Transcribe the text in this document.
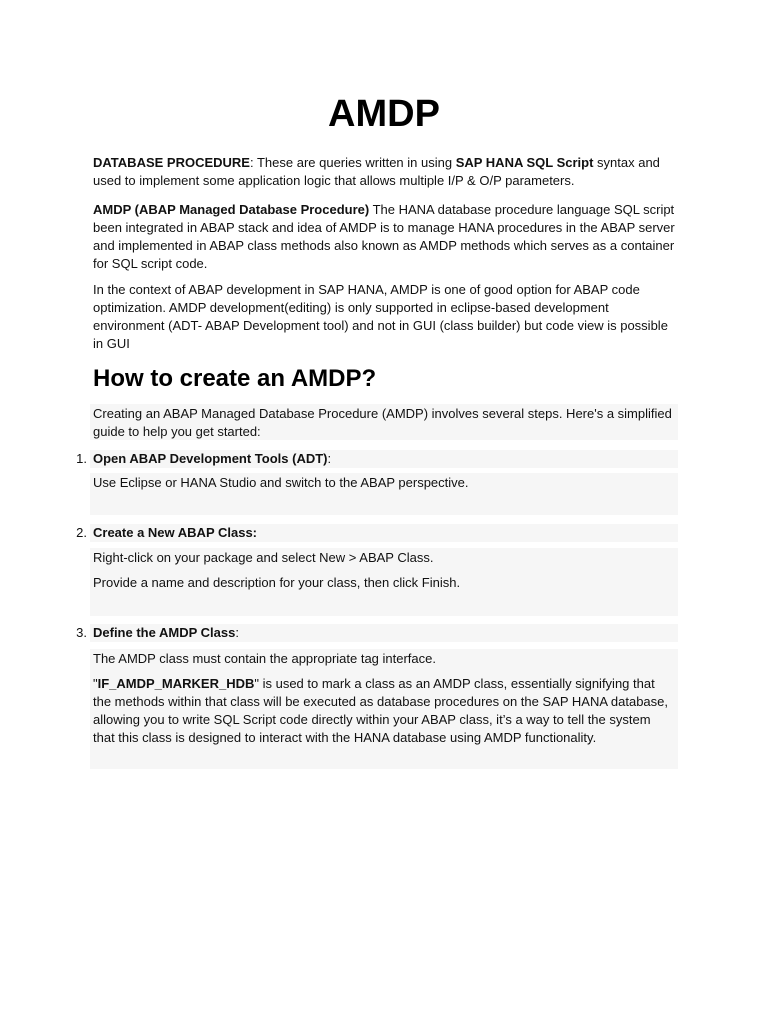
AMDP
DATABASE PROCEDURE: These are queries written in using SAP HANA SQL Script syntax and used to implement some application logic that allows multiple I/P & O/P parameters.
AMDP (ABAP Managed Database Procedure) The HANA database procedure language SQL script been integrated in ABAP stack and idea of AMDP is to manage HANA procedures in the ABAP server and implemented in ABAP class methods also known as AMDP methods which serves as a container for SQL script code.
In the context of ABAP development in SAP HANA, AMDP is one of good option for ABAP code optimization. AMDP development(editing) is only supported in eclipse-based development environment (ADT- ABAP Development tool) and not in GUI (class builder) but code view is possible in GUI
How to create an AMDP?
Creating an ABAP Managed Database Procedure (AMDP) involves several steps. Here's a simplified guide to help you get started:
1. Open ABAP Development Tools (ADT):
Use Eclipse or HANA Studio and switch to the ABAP perspective.
2. Create a New ABAP Class:
Right-click on your package and select New > ABAP Class.
Provide a name and description for your class, then click Finish.
3. Define the AMDP Class:
The AMDP class must contain the appropriate tag interface.
"IF_AMDP_MARKER_HDB" is used to mark a class as an AMDP class, essentially signifying that the methods within that class will be executed as database procedures on the SAP HANA database, allowing you to write SQL Script code directly within your ABAP class, it’s a way to tell the system that this class is designed to interact with the HANA database using AMDP functionality.
